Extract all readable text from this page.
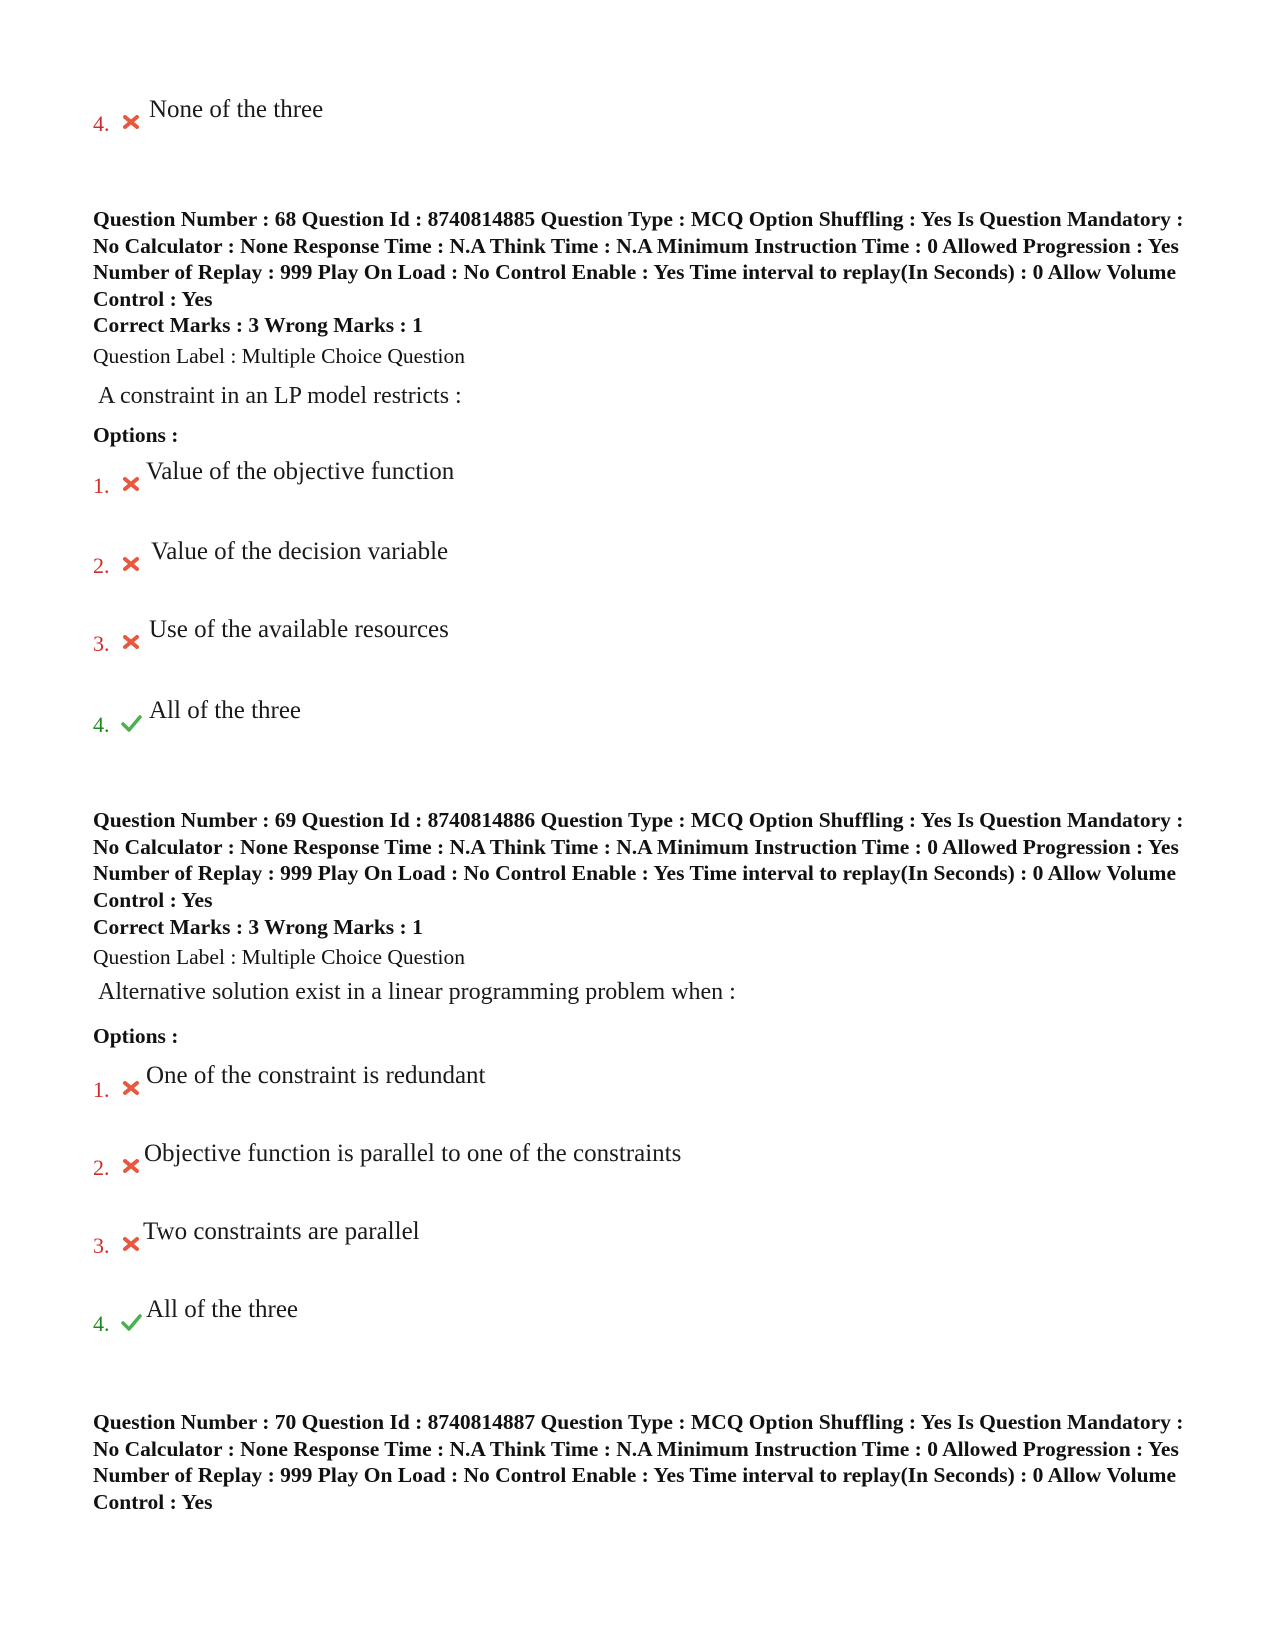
4.
None of the three

Question Number : 68 Question Id : 8740814885 Question Type : MCQ Option Shuffling : Yes Is Question Mandatory : No Calculator : None Response Time : N.A Think Time : N.A Minimum Instruction Time : 0 Allowed Progression : Yes Number of Replay : 999 Play On Load : No Control Enable : Yes Time interval to replay(In Seconds) : 0 Allow Volume Control : Yes

Correct Marks : 3 Wrong Marks : 1
Question Label : Multiple Choice Question
A constraint in an LP model restricts :
Options :
1.
Value of the objective function
2.
Value of the decision variable
3.
Use of the available resources
4.
All of the three

Question Number : 69 Question Id : 8740814886 Question Type : MCQ Option Shuffling : Yes Is Question Mandatory : No Calculator : None Response Time : N.A Think Time : N.A Minimum Instruction Time : 0 Allowed Progression : Yes Number of Replay : 999 Play On Load : No Control Enable : Yes Time interval to replay(In Seconds) : 0 Allow Volume Control : Yes

Correct Marks : 3 Wrong Marks : 1
Question Label : Multiple Choice Question
Alternative solution exist in a linear programming problem when :
Options :
1.
One of the constraint is redundant
2.
Objective function is parallel to one of the constraints
3.
Two constraints are parallel
4.
All of the three

Question Number : 70 Question Id : 8740814887 Question Type : MCQ Option Shuffling : Yes Is Question Mandatory : No Calculator : None Response Time : N.A Think Time : N.A Minimum Instruction Time : 0 Allowed Progression : Yes Number of Replay : 999 Play On Load : No Control Enable : Yes Time interval to replay(In Seconds) : 0 Allow Volume Control : Yes
